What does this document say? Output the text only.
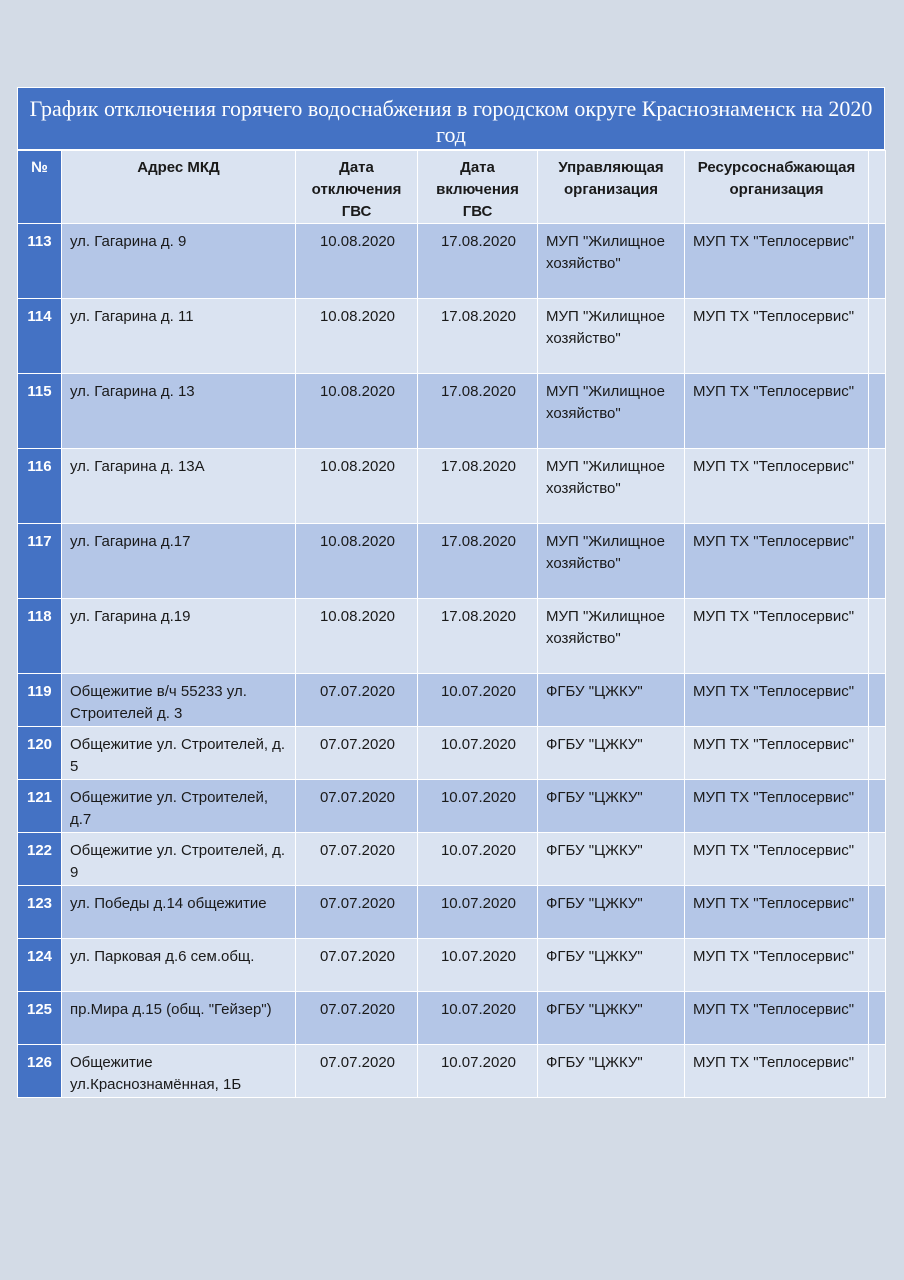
График отключения горячего водоснабжения в городском округе Краснознаменск на 2020 год
№	Адрес МКД	Дата отключения ГВС	Дата включения ГВС	Управляющая организация	Ресурсоснабжающая организация	
113	ул. Гагарина д. 9	10.08.2020	17.08.2020	МУП "Жилищное хозяйство"	МУП ТХ "Теплосервис"	
114	ул. Гагарина д. 11	10.08.2020	17.08.2020	МУП "Жилищное хозяйство"	МУП ТХ "Теплосервис"	
115	ул. Гагарина д. 13	10.08.2020	17.08.2020	МУП "Жилищное хозяйство"	МУП ТХ "Теплосервис"	
116	ул. Гагарина д. 13А	10.08.2020	17.08.2020	МУП "Жилищное хозяйство"	МУП ТХ "Теплосервис"	
117	ул. Гагарина д.17	10.08.2020	17.08.2020	МУП "Жилищное хозяйство"	МУП ТХ "Теплосервис"	
118	ул. Гагарина д.19	10.08.2020	17.08.2020	МУП "Жилищное хозяйство"	МУП ТХ "Теплосервис"	
119	Общежитие в/ч 55233 ул. Строителей д. 3	07.07.2020	10.07.2020	ФГБУ "ЦЖКУ"	МУП ТХ "Теплосервис"	
120	Общежитие ул. Строителей, д. 5	07.07.2020	10.07.2020	ФГБУ "ЦЖКУ"	МУП ТХ "Теплосервис"	
121	Общежитие ул. Строителей, д.7	07.07.2020	10.07.2020	ФГБУ "ЦЖКУ"	МУП ТХ "Теплосервис"	
122	Общежитие ул. Строителей, д. 9	07.07.2020	10.07.2020	ФГБУ "ЦЖКУ"	МУП ТХ "Теплосервис"	
123	ул. Победы д.14 общежитие	07.07.2020	10.07.2020	ФГБУ "ЦЖКУ"	МУП ТХ "Теплосервис"	
124	ул. Парковая д.6 сем.общ.	07.07.2020	10.07.2020	ФГБУ "ЦЖКУ"	МУП ТХ "Теплосервис"	
125	пр.Мира д.15 (общ. "Гейзер")	07.07.2020	10.07.2020	ФГБУ "ЦЖКУ"	МУП ТХ "Теплосервис"	
126	Общежитие ул.Краснознамённая, 1Б	07.07.2020	10.07.2020	ФГБУ "ЦЖКУ"	МУП ТХ "Теплосервис"	
